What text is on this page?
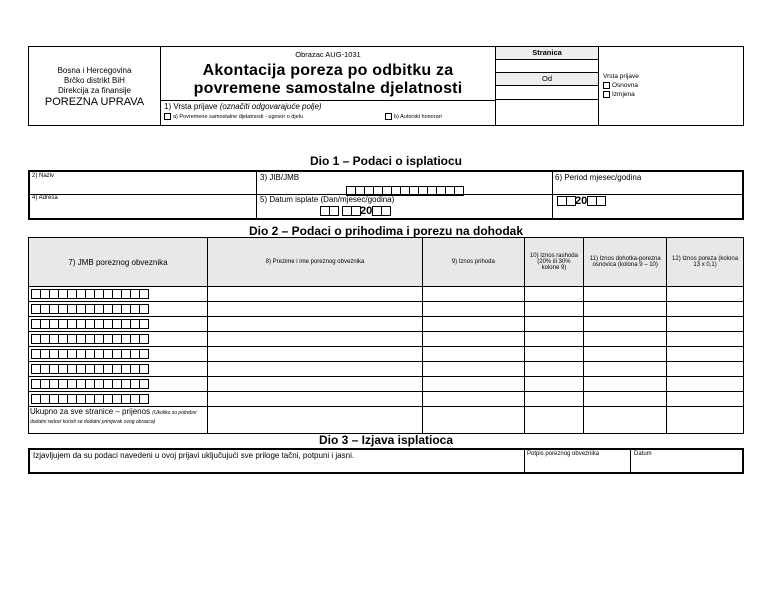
Bosna i Hercegovina
Brčko distrikt BiH
Direkcija za finansije
POREZNA UPRAVA
Obrazac AUG-1031
Akontacija poreza po odbitku za
povremene samostalne djelatnosti
1) Vrsta prijave (označiti odgovarajuće polje)
a) Povremene samostalne djelatnosti - ugovor o djelu	b) Autorski honorari
Stranica
Od	Vrsta prijave
Osnovna
Izmjena
Dio 1 – Podaci o isplatiocu
2) Naziv	3) JIB/JMB	6) Period mjesec/godina
4) Adresa	5) Datum isplate (Dan/mjesec/godina)
20
20
Dio 2 – Podaci o prihodima i porezu na dohodak
7) JMB poreznog obveznika	8) Prezime i ime poreznog obveznika	9) Iznos prihoda	10) Iznos rashoda (20% ili 30% kolone 9)	11) Iznos dohotka-porezna osnovica (kolona 9 – 10)	12) Iznos poreza (kolona 13 x 0,1)

Ukupno za sve stranice – prijenos (Ukoliko su potrebni dodatni redovi koristi se dodatni primjerak ovog obrasca)					
Dio 3 – Izjava isplatioca
Izjavljujem da su podaci navedeni u ovoj prijavi uključujući sve priloge tačni, potpuni i jasni.	Potpis poreznog obveznika	Datum
